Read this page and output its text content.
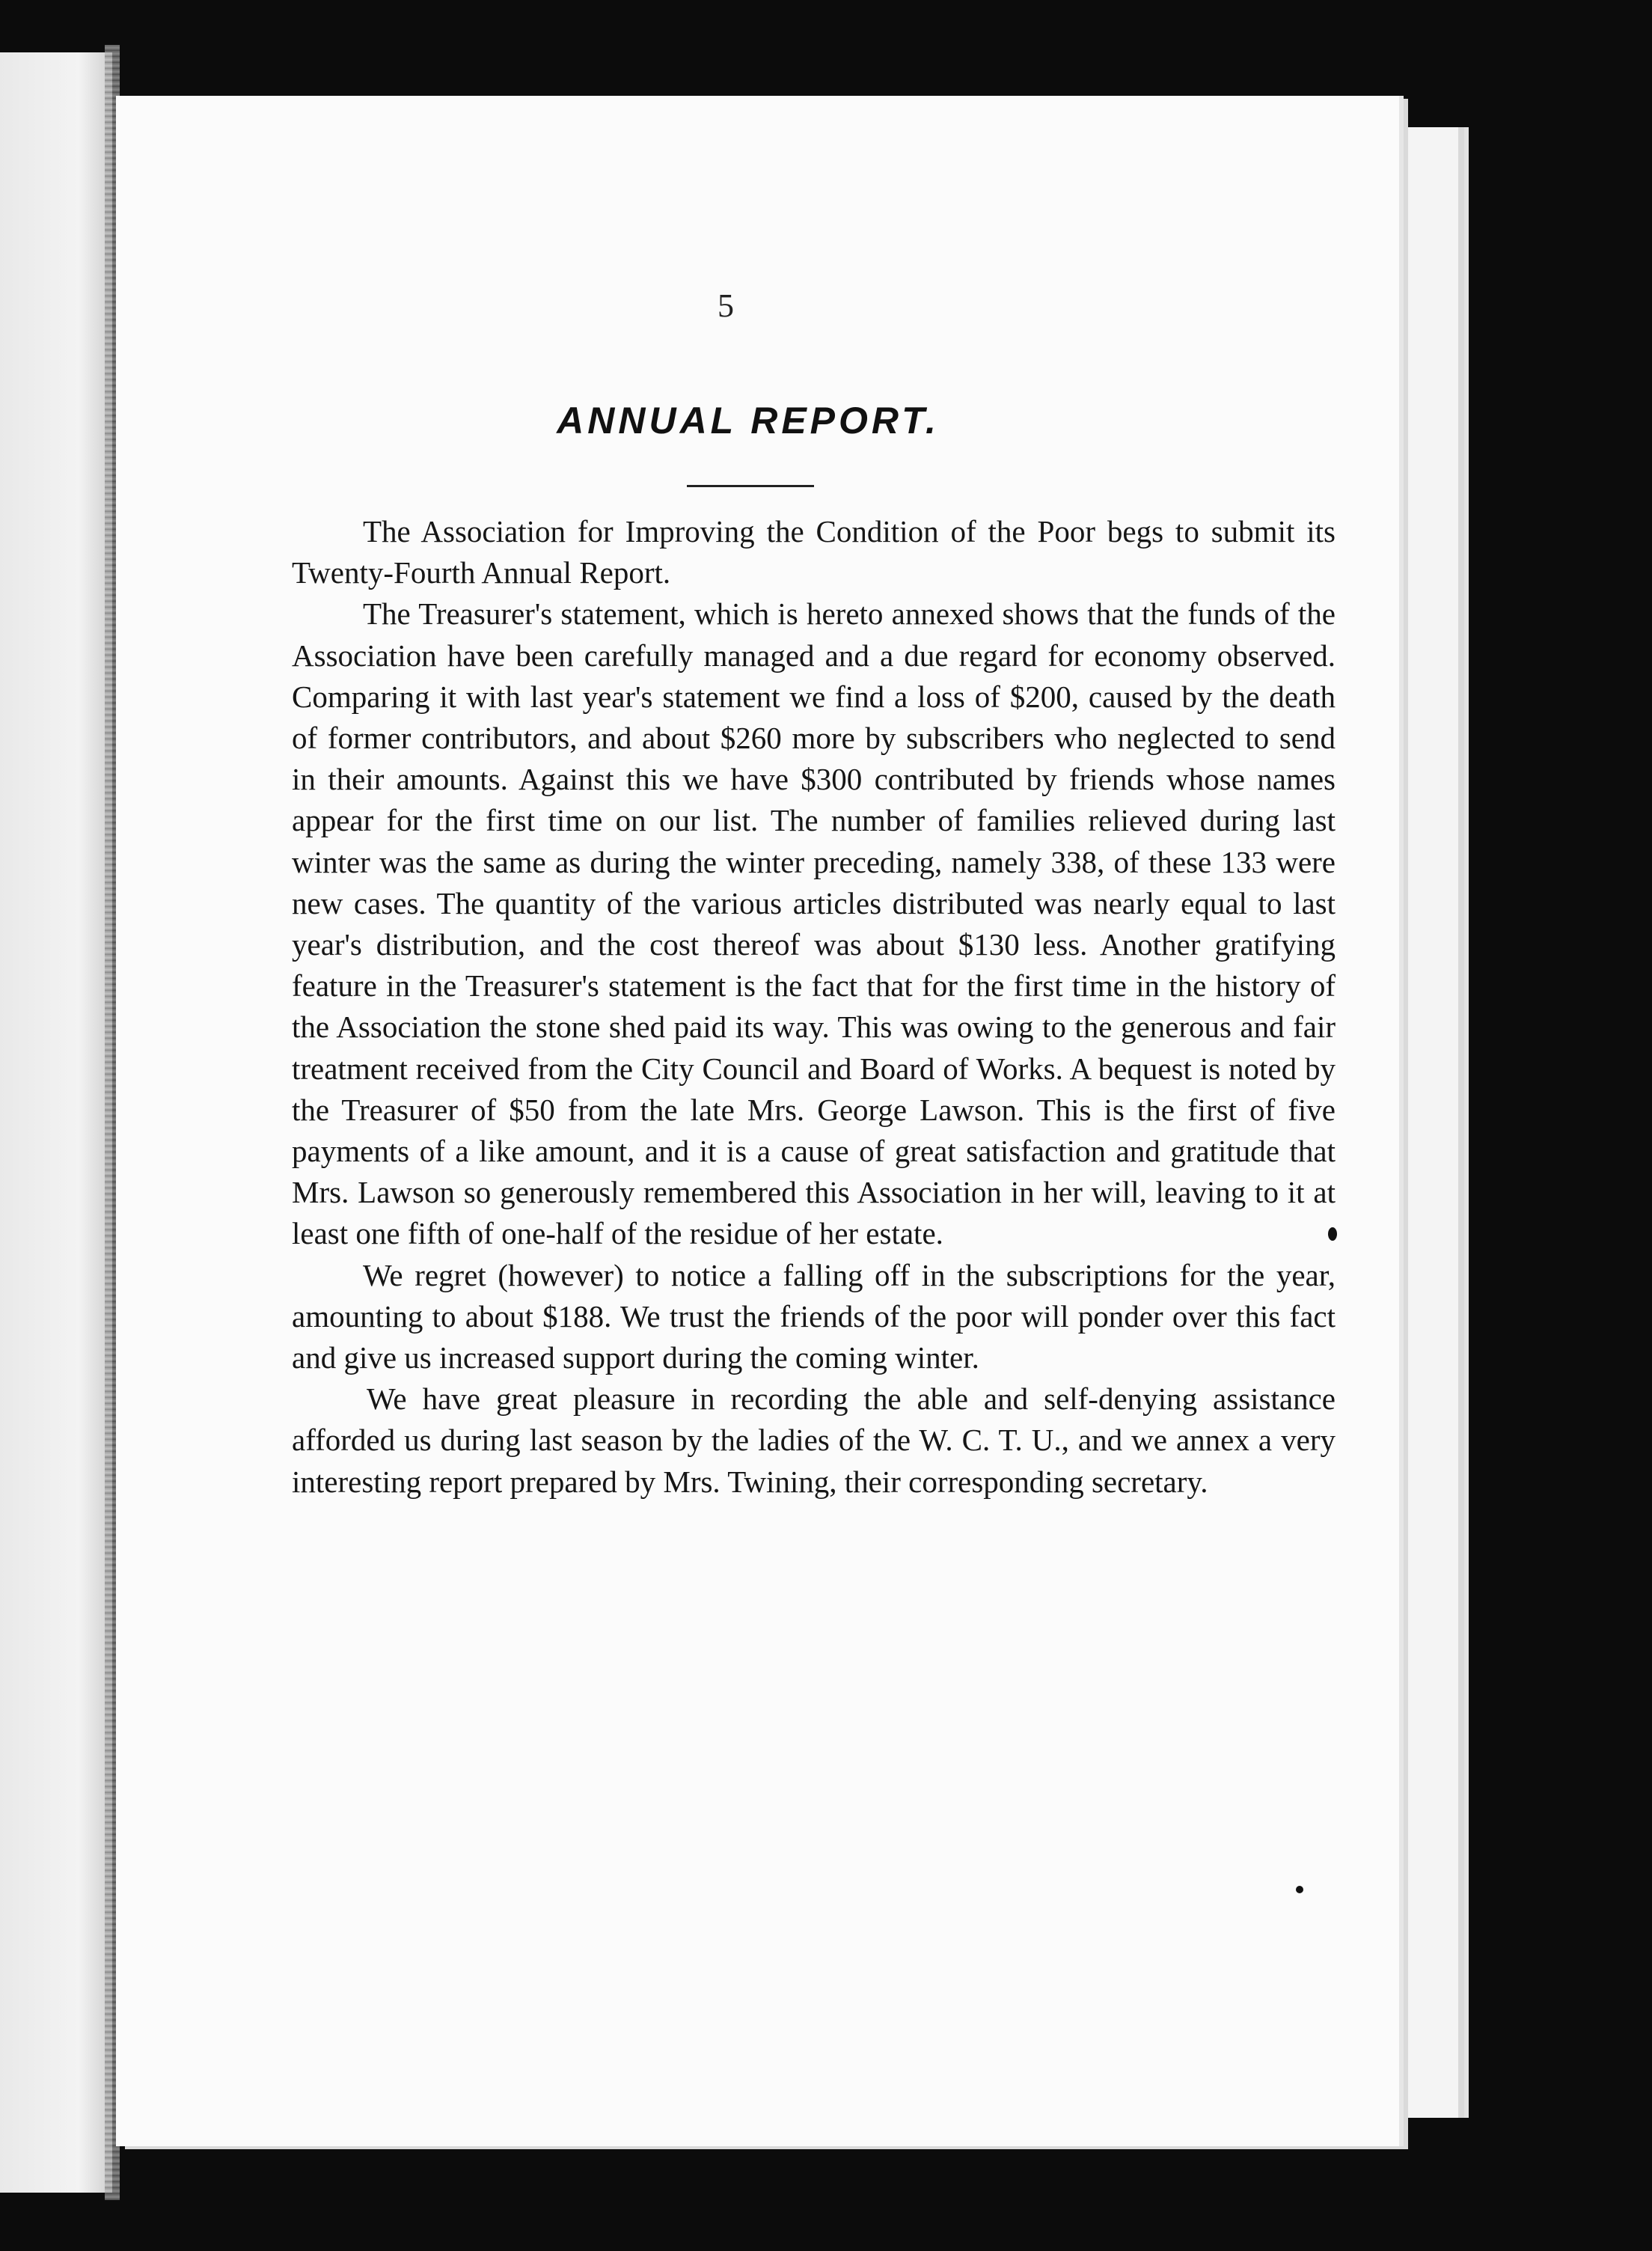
5
ANNUAL REPORT.

The Association for Improving the Condition of the Poor begs to submit its Twenty-Fourth Annual Report.

The Treasurer's statement, which is hereto annexed shows that the funds of the Association have been carefully managed and a due regard for economy observed. Comparing it with last year's statement we find a loss of $200, caused by the death of former contributors, and about $260 more by subscribers who neglected to send in their amounts. Against this we have $300 contributed by friends whose names appear for the first time on our list. The number of families relieved during last winter was the same as during the winter preceding, namely 338, of these 133 were new cases. The quantity of the various articles distributed was nearly equal to last year's distribution, and the cost thereof was about $130 less. Another gratifying feature in the Treasurer's statement is the fact that for the first time in the history of the Association the stone shed paid its way. This was owing to the generous and fair treatment received from the City Council and Board of Works. A bequest is noted by the Treasurer of $50 from the late Mrs. George Lawson. This is the first of five payments of a like amount, and it is a cause of great satisfaction and gratitude that Mrs. Lawson so generously remembered this Association in her will, leaving to it at least one fifth of one-half of the residue of her estate.

We regret (however) to notice a falling off in the subscriptions for the year, amounting to about $188. We trust the friends of the poor will ponder over this fact and give us increased support during the coming winter.

We have great pleasure in recording the able and self-denying assistance afforded us during last season by the ladies of the W. C. T. U., and we annex a very interesting report prepared by Mrs. Twining, their corresponding secretary.
